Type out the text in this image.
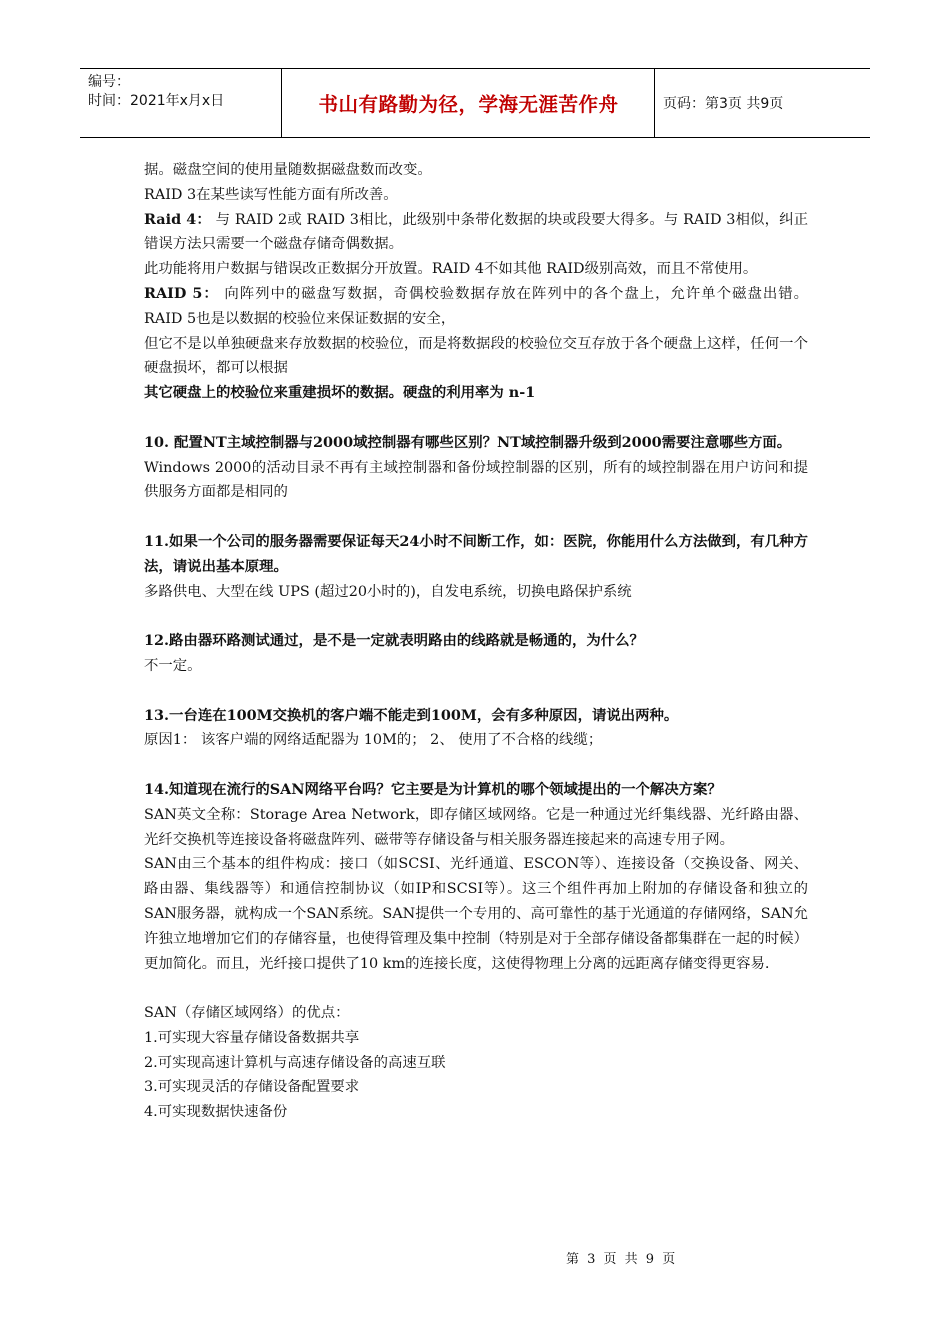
编号：
时间：2021年x月x日	书山有路勤为径，学海无涯苦作舟	页码：第3页 共9页

据。磁盘空间的使用量随数据磁盘数而改变。

RAID 3在某些读写性能方面有所改善。

Raid 4： 与 RAID 2或 RAID 3相比，此级别中条带化数据的块或段要大得多。与 RAID 3相似，纠正错误方法只需要一个磁盘存储奇偶数据。

此功能将用户数据与错误改正数据分开放置。RAID 4不如其他 RAID级别高效，而且不常使用。

RAID 5： 向阵列中的磁盘写数据，奇偶校验数据存放在阵列中的各个盘上，允许单个磁盘出错。 RAID 5也是以数据的校验位来保证数据的安全，

但它不是以单独硬盘来存放数据的校验位，而是将数据段的校验位交互存放于各个硬盘上这样，任何一个硬盘损坏，都可以根据

其它硬盘上的校验位来重建损坏的数据。硬盘的利用率为 n-1

10. 配置NT主域控制器与2000域控制器有哪些区别？NT域控制器升级到2000需要注意哪些方面。

Windows 2000的活动目录不再有主域控制器和备份域控制器的区别，所有的域控制器在用户访问和提供服务方面都是相同的

11.如果一个公司的服务器需要保证每天24小时不间断工作，如：医院，你能用什么方法做到，有几种方法，请说出基本原理。

多路供电、大型在线 UPS (超过20小时的)，自发电系统，切换电路保护系统

12.路由器环路测试通过，是不是一定就表明路由的线路就是畅通的，为什么？

不一定。

13.一台连在100M交换机的客户端不能走到100M，会有多种原因，请说出两种。

原因1： 该客户端的网络适配器为 10M的； 2、 使用了不合格的线缆；

14.知道现在流行的SAN网络平台吗？它主要是为计算机的哪个领域提出的一个解决方案？

SAN英文全称：Storage Area Network，即存储区域网络。它是一种通过光纤集线器、光纤路由器、光纤交换机等连接设备将磁盘阵列、磁带等存储设备与相关服务器连接起来的高速专用子网。

SAN由三个基本的组件构成：接口（如SCSI、光纤通道、ESCON等）、连接设备（交换设备、网关、路由器、集线器等）和通信控制协议（如IP和SCSI等）。这三个组件再加上附加的存储设备和独立的SAN服务器，就构成一个SAN系统。SAN提供一个专用的、高可靠性的基于光通道的存储网络，SAN允许独立地增加它们的存储容量，也使得管理及集中控制（特别是对于全部存储设备都集群在一起的时候）更加简化。而且，光纤接口提供了10 km的连接长度，这使得物理上分离的远距离存储变得更容易.

SAN（存储区域网络）的优点：

1.可实现大容量存储设备数据共享

2.可实现高速计算机与高速存储设备的高速互联

3.可实现灵活的存储设备配置要求

4.可实现数据快速备份

第 3 页 共 9 页
